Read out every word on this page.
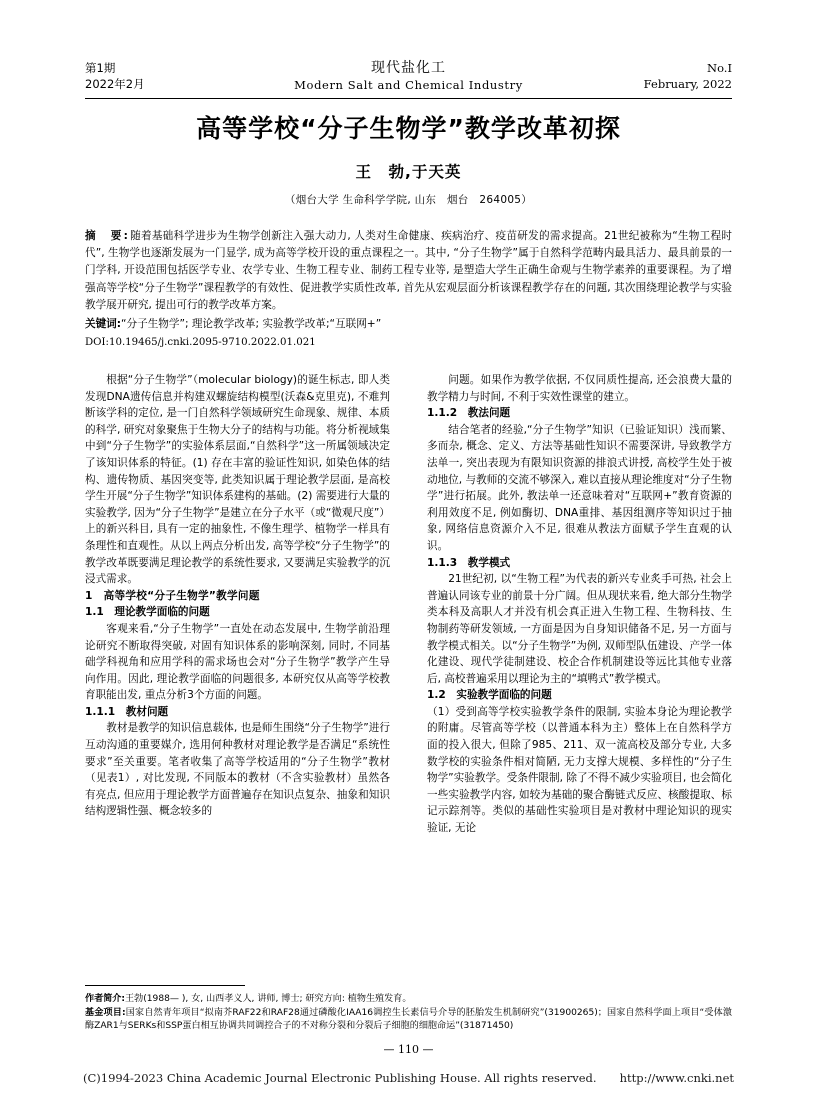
第1期
2022年2月
现代盐化工
Modern Salt and Chemical Industry
No.I
February, 2022
高等学校“分子生物学”教学改革初探
王　勃,于天英
（烟台大学 生命科学学院, 山东　烟台　264005）
摘　要:随着基础科学进步为生物学创新注入强大动力, 人类对生命健康、疾病治疗、疫苗研发的需求提高。21世纪被称为“生物工程时代”, 生物学也逐渐发展为一门显学, 成为高等学校开设的重点课程之一。其中, “分子生物学”属于自然科学范畴内最具活力、最具前景的一门学科, 开设范围包括医学专业、农学专业、生物工程专业、制药工程专业等, 是塑造大学生正确生命观与生物学素养的重要课程。为了增强高等学校“分子生物学”课程教学的有效性、促进教学实质性改革, 首先从宏观层面分析该课程教学存在的问题, 其次围绕理论教学与实验教学展开研究, 提出可行的教学改革方案。
关键词:“分子生物学”; 理论教学改革; 实验教学改革;“互联网+”
DOI:10.19465/j.cnki.2095-9710.2022.01.021

根据“分子生物学”（molecular biology)的诞生标志, 即人类发现DNA遗传信息并构建双螺旋结构模型(沃森&克里克), 不难判断该学科的定位, 是一门自然科学领域研究生命现象、规律、本质的科学, 研究对象聚焦于生物大分子的结构与功能。将分析视域集中到“分子生物学”的实验体系层面,“自然科学”这一所属领域决定了该知识体系的特征。(1) 存在丰富的验证性知识, 如染色体的结构、遗传物质、基因突变等, 此类知识属于理论教学层面, 是高校学生开展“分子生物学”知识体系建构的基础。(2) 需要进行大量的实验教学, 因为“分子生物学”是建立在分子水平（或“微观尺度”）上的新兴科目, 具有一定的抽象性, 不像生理学、植物学一样具有条理性和直观性。从以上两点分析出发, 高等学校“分子生物学”的教学改革既要满足理论教学的系统性要求, 又要满足实验教学的沉浸式需求。

1　高等学校“分子生物学”教学问题

1.1　理论教学面临的问题

客观来看,“分子生物学”一直处在动态发展中, 生物学前沿理论研究不断取得突破, 对固有知识体系的影响深刻, 同时, 不同基础学科视角和应用学科的需求场也会对“分子生物学”教学产生导向作用。因此, 理论教学面临的问题很多, 本研究仅从高等学校教育职能出发, 重点分析3个方面的问题。

1.1.1　教材问题

教材是教学的知识信息载体, 也是师生围绕“分子生物学”进行互动沟通的重要媒介, 选用何种教材对理论教学是否满足“系统性要求”至关重要。笔者收集了高等学校适用的“分子生物学”教材（见表1）, 对比发现, 不同版本的教材（不含实验教材）虽然各有亮点, 但应用于理论教学方面普遍存在知识点复杂、抽象和知识结构逻辑性强、概念较多的

问题。如果作为教学依据, 不仅同质性提高, 还会浪费大量的教学精力与时间, 不利于实效性课堂的建立。

1.1.2　教法问题

结合笔者的经验,“分子生物学”知识（已验证知识）浅而繁、多而杂, 概念、定义、方法等基础性知识不需要深讲, 导致教学方法单一, 突出表现为有限知识资源的排浪式讲授, 高校学生处于被动地位, 与教师的交流不够深入, 难以直接从理论维度对“分子生物学”进行拓展。此外, 教法单一还意味着对“互联网+”教育资源的利用效度不足, 例如酶切、DNA重排、基因组测序等知识过于抽象, 网络信息资源介入不足, 很难从教法方面赋予学生直观的认识。

1.1.3　教学模式

21世纪初, 以“生物工程”为代表的新兴专业炙手可热, 社会上普遍认同该专业的前景十分广阔。但从现状来看, 绝大部分生物学类本科及高职人才并没有机会真正进入生物工程、生物科技、生物制药等研发领域, 一方面是因为自身知识储备不足, 另一方面与教学模式相关。以“分子生物学”为例, 双师型队伍建设、产学一体化建设、现代学徒制建设、校企合作机制建设等远比其他专业落后, 高校普遍采用以理论为主的“填鸭式”教学模式。

1.2　实验教学面临的问题

（1）受到高等学校实验教学条件的限制, 实验本身论为理论教学的附庸。尽管高等学校（以普通本科为主）整体上在自然科学方面的投入很大, 但除了985、211、双一流高校及部分专业, 大多数学校的实验条件相对简陋, 无力支撑大规模、多样性的“分子生物学”实验教学。受条件限制, 除了不得不减少实验项目, 也会简化一些实验教学内容, 如较为基础的聚合酶链式反应、核酸提取、标记示踪剂等。类似的基础性实验项目是对教材中理论知识的现实验证, 无论

作者简介:王勃(1988— ), 女, 山西孝义人, 讲师, 博士; 研究方向: 植物生殖发育。

基金项目:国家自然青年项目“拟南芥RAF22和RAF28通过磷酸化IAA16调控生长素信号介导的胚胎发生机制研究”(31900265)；国家自然科学面上项目“受体激酶ZAR1与SERKs和SSP蛋白相互协调共同调控合子的不对称分裂和分裂后子细胞的细胞命运”(31871450)

— 110 —
(C)1994-2023 China Academic Journal Electronic Publishing House. All rights reserved.　　http://www.cnki.net
